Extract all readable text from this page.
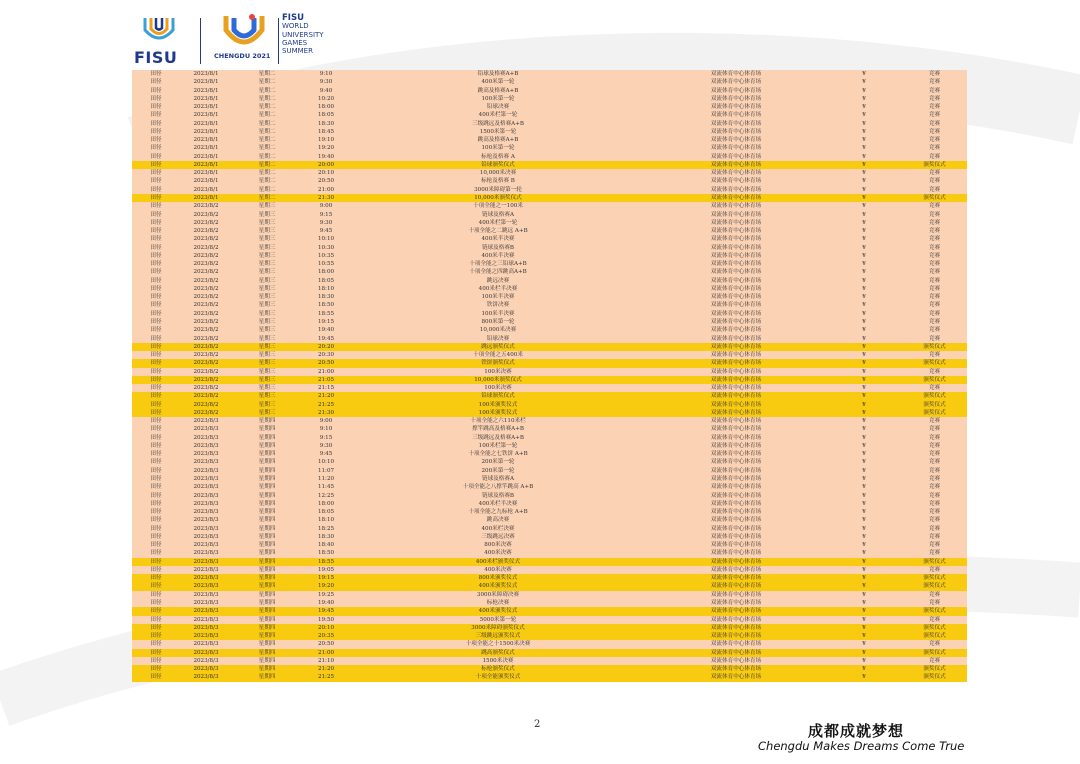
FISU	CHENGDU 2021
FISU
WORLD
UNIVERSITY
GAMES
SUMMER
田径	2023/8/1	星期二	9:10	铅球及格赛A+B	双流体育中心体育场	¥	竞赛
田径	2023/8/1	星期二	9:30	400米第一轮	双流体育中心体育场	¥	竞赛
田径	2023/8/1	星期二	9:40	跳高及格赛A+B	双流体育中心体育场	¥	竞赛
田径	2023/8/1	星期二	10:20	100米第一轮	双流体育中心体育场	¥	竞赛
田径	2023/8/1	星期二	18:00	铅球决赛	双流体育中心体育场	¥	竞赛
田径	2023/8/1	星期二	18:05	400米栏第一轮	双流体育中心体育场	¥	竞赛
田径	2023/8/1	星期二	18:30	三级跳远及格赛A+B	双流体育中心体育场	¥	竞赛
田径	2023/8/1	星期二	18:45	1500米第一轮	双流体育中心体育场	¥	竞赛
田径	2023/8/1	星期二	19:10	跳高及格赛A+B	双流体育中心体育场	¥	竞赛
田径	2023/8/1	星期二	19:20	100米第一轮	双流体育中心体育场	¥	竞赛
田径	2023/8/1	星期二	19:40	标枪及格赛 A	双流体育中心体育场	¥	竞赛
田径	2023/8/1	星期二	20:00	铅球颁奖仪式	双流体育中心体育场	¥	颁奖仪式
田径	2023/8/1	星期二	20:10	10,000米决赛	双流体育中心体育场	¥	竞赛
田径	2023/8/1	星期二	20:50	标枪及格赛 B	双流体育中心体育场	¥	竞赛
田径	2023/8/1	星期二	21:00	3000米障碍第一轮	双流体育中心体育场	¥	竞赛
田径	2023/8/1	星期二	21:30	10,000米颁奖仪式	双流体育中心体育场	¥	颁奖仪式
田径	2023/8/2	星期三	9:00	十项全能之一100米	双流体育中心体育场	¥	竞赛
田径	2023/8/2	星期三	9:15	链球及格赛A	双流体育中心体育场	¥	竞赛
田径	2023/8/2	星期三	9:30	400米栏第一轮	双流体育中心体育场	¥	竞赛
田径	2023/8/2	星期三	9:45	十项全能之二跳远 A+B	双流体育中心体育场	¥	竞赛
田径	2023/8/2	星期三	10:10	400米半决赛	双流体育中心体育场	¥	竞赛
田径	2023/8/2	星期三	10:30	链球及格赛B	双流体育中心体育场	¥	竞赛
田径	2023/8/2	星期三	10:35	400米半决赛	双流体育中心体育场	¥	竞赛
田径	2023/8/2	星期三	10:55	十项全能之三铅球A+B	双流体育中心体育场	¥	竞赛
田径	2023/8/2	星期三	18:00	十项全能之四跳高A+B	双流体育中心体育场	¥	竞赛
田径	2023/8/2	星期三	18:05	跳远决赛	双流体育中心体育场	¥	竞赛
田径	2023/8/2	星期三	18:10	400米栏半决赛	双流体育中心体育场	¥	竞赛
田径	2023/8/2	星期三	18:30	100米半决赛	双流体育中心体育场	¥	竞赛
田径	2023/8/2	星期三	18:50	铁饼决赛	双流体育中心体育场	¥	竞赛
田径	2023/8/2	星期三	18:55	100米半决赛	双流体育中心体育场	¥	竞赛
田径	2023/8/2	星期三	19:15	800米第一轮	双流体育中心体育场	¥	竞赛
田径	2023/8/2	星期三	19:40	10,000米决赛	双流体育中心体育场	¥	竞赛
田径	2023/8/2	星期三	19:45	铅球决赛	双流体育中心体育场	¥	竞赛
田径	2023/8/2	星期三	20:20	跳远颁奖仪式	双流体育中心体育场	¥	颁奖仪式
田径	2023/8/2	星期三	20:30	十项全能之五400米	双流体育中心体育场	¥	竞赛
田径	2023/8/2	星期三	20:50	铁饼颁奖仪式	双流体育中心体育场	¥	颁奖仪式
田径	2023/8/2	星期三	21:00	100米决赛	双流体育中心体育场	¥	竞赛
田径	2023/8/2	星期三	21:05	10,000米颁奖仪式	双流体育中心体育场	¥	颁奖仪式
田径	2023/8/2	星期三	21:15	100米决赛	双流体育中心体育场	¥	竞赛
田径	2023/8/2	星期三	21:20	铅球颁奖仪式	双流体育中心体育场	¥	颁奖仪式
田径	2023/8/2	星期三	21:25	100米颁奖仪式	双流体育中心体育场	¥	颁奖仪式
田径	2023/8/2	星期三	21:30	100米颁奖仪式	双流体育中心体育场	¥	颁奖仪式
田径	2023/8/3	星期四	9:00	十项全能之六110米栏	双流体育中心体育场	¥	竞赛
田径	2023/8/3	星期四	9:10	撑竿跳高及格赛A+B	双流体育中心体育场	¥	竞赛
田径	2023/8/3	星期四	9:15	三级跳远及格赛A+B	双流体育中心体育场	¥	竞赛
田径	2023/8/3	星期四	9:30	100米栏第一轮	双流体育中心体育场	¥	竞赛
田径	2023/8/3	星期四	9:45	十项全能之七铁饼 A+B	双流体育中心体育场	¥	竞赛
田径	2023/8/3	星期四	10:10	200米第一轮	双流体育中心体育场	¥	竞赛
田径	2023/8/3	星期四	11:07	200米第一轮	双流体育中心体育场	¥	竞赛
田径	2023/8/3	星期四	11:20	链球及格赛A	双流体育中心体育场	¥	竞赛
田径	2023/8/3	星期四	11:45	十项全能之八撑竿跳高 A+B	双流体育中心体育场	¥	竞赛
田径	2023/8/3	星期四	12:25	链球及格赛B	双流体育中心体育场	¥	竞赛
田径	2023/8/3	星期四	18:00	400米栏半决赛	双流体育中心体育场	¥	竞赛
田径	2023/8/3	星期四	18:05	十项全能之九标枪 A+B	双流体育中心体育场	¥	竞赛
田径	2023/8/3	星期四	18:10	跳高决赛	双流体育中心体育场	¥	竞赛
田径	2023/8/3	星期四	18:25	400米栏决赛	双流体育中心体育场	¥	竞赛
田径	2023/8/3	星期四	18:30	三级跳远决赛	双流体育中心体育场	¥	竞赛
田径	2023/8/3	星期四	18:40	800米决赛	双流体育中心体育场	¥	竞赛
田径	2023/8/3	星期四	18:50	400米决赛	双流体育中心体育场	¥	竞赛
田径	2023/8/3	星期四	18:55	400米栏颁奖仪式	双流体育中心体育场	¥	颁奖仪式
田径	2023/8/3	星期四	19:05	400米决赛	双流体育中心体育场	¥	竞赛
田径	2023/8/3	星期四	19:15	800米颁奖仪式	双流体育中心体育场	¥	颁奖仪式
田径	2023/8/3	星期四	19:20	400米颁奖仪式	双流体育中心体育场	¥	颁奖仪式
田径	2023/8/3	星期四	19:25	3000米障碍决赛	双流体育中心体育场	¥	竞赛
田径	2023/8/3	星期四	19:40	标枪决赛	双流体育中心体育场	¥	竞赛
田径	2023/8/3	星期四	19:45	400米颁奖仪式	双流体育中心体育场	¥	颁奖仪式
田径	2023/8/3	星期四	19:50	5000米第一轮	双流体育中心体育场	¥	竞赛
田径	2023/8/3	星期四	20:10	3000米障碍颁奖仪式	双流体育中心体育场	¥	颁奖仪式
田径	2023/8/3	星期四	20:35	三级跳远颁奖仪式	双流体育中心体育场	¥	颁奖仪式
田径	2023/8/3	星期四	20:50	十项全能之十1500米决赛	双流体育中心体育场	¥	竞赛
田径	2023/8/3	星期四	21:00	跳高颁奖仪式	双流体育中心体育场	¥	颁奖仪式
田径	2023/8/3	星期四	21:10	1500米决赛	双流体育中心体育场	¥	竞赛
田径	2023/8/3	星期四	21:20	标枪颁奖仪式	双流体育中心体育场	¥	颁奖仪式
田径	2023/8/3	星期四	21:25	十项全能颁奖仪式	双流体育中心体育场	¥	颁奖仪式
2	成都成就梦想
Chengdu Makes Dreams Come True
